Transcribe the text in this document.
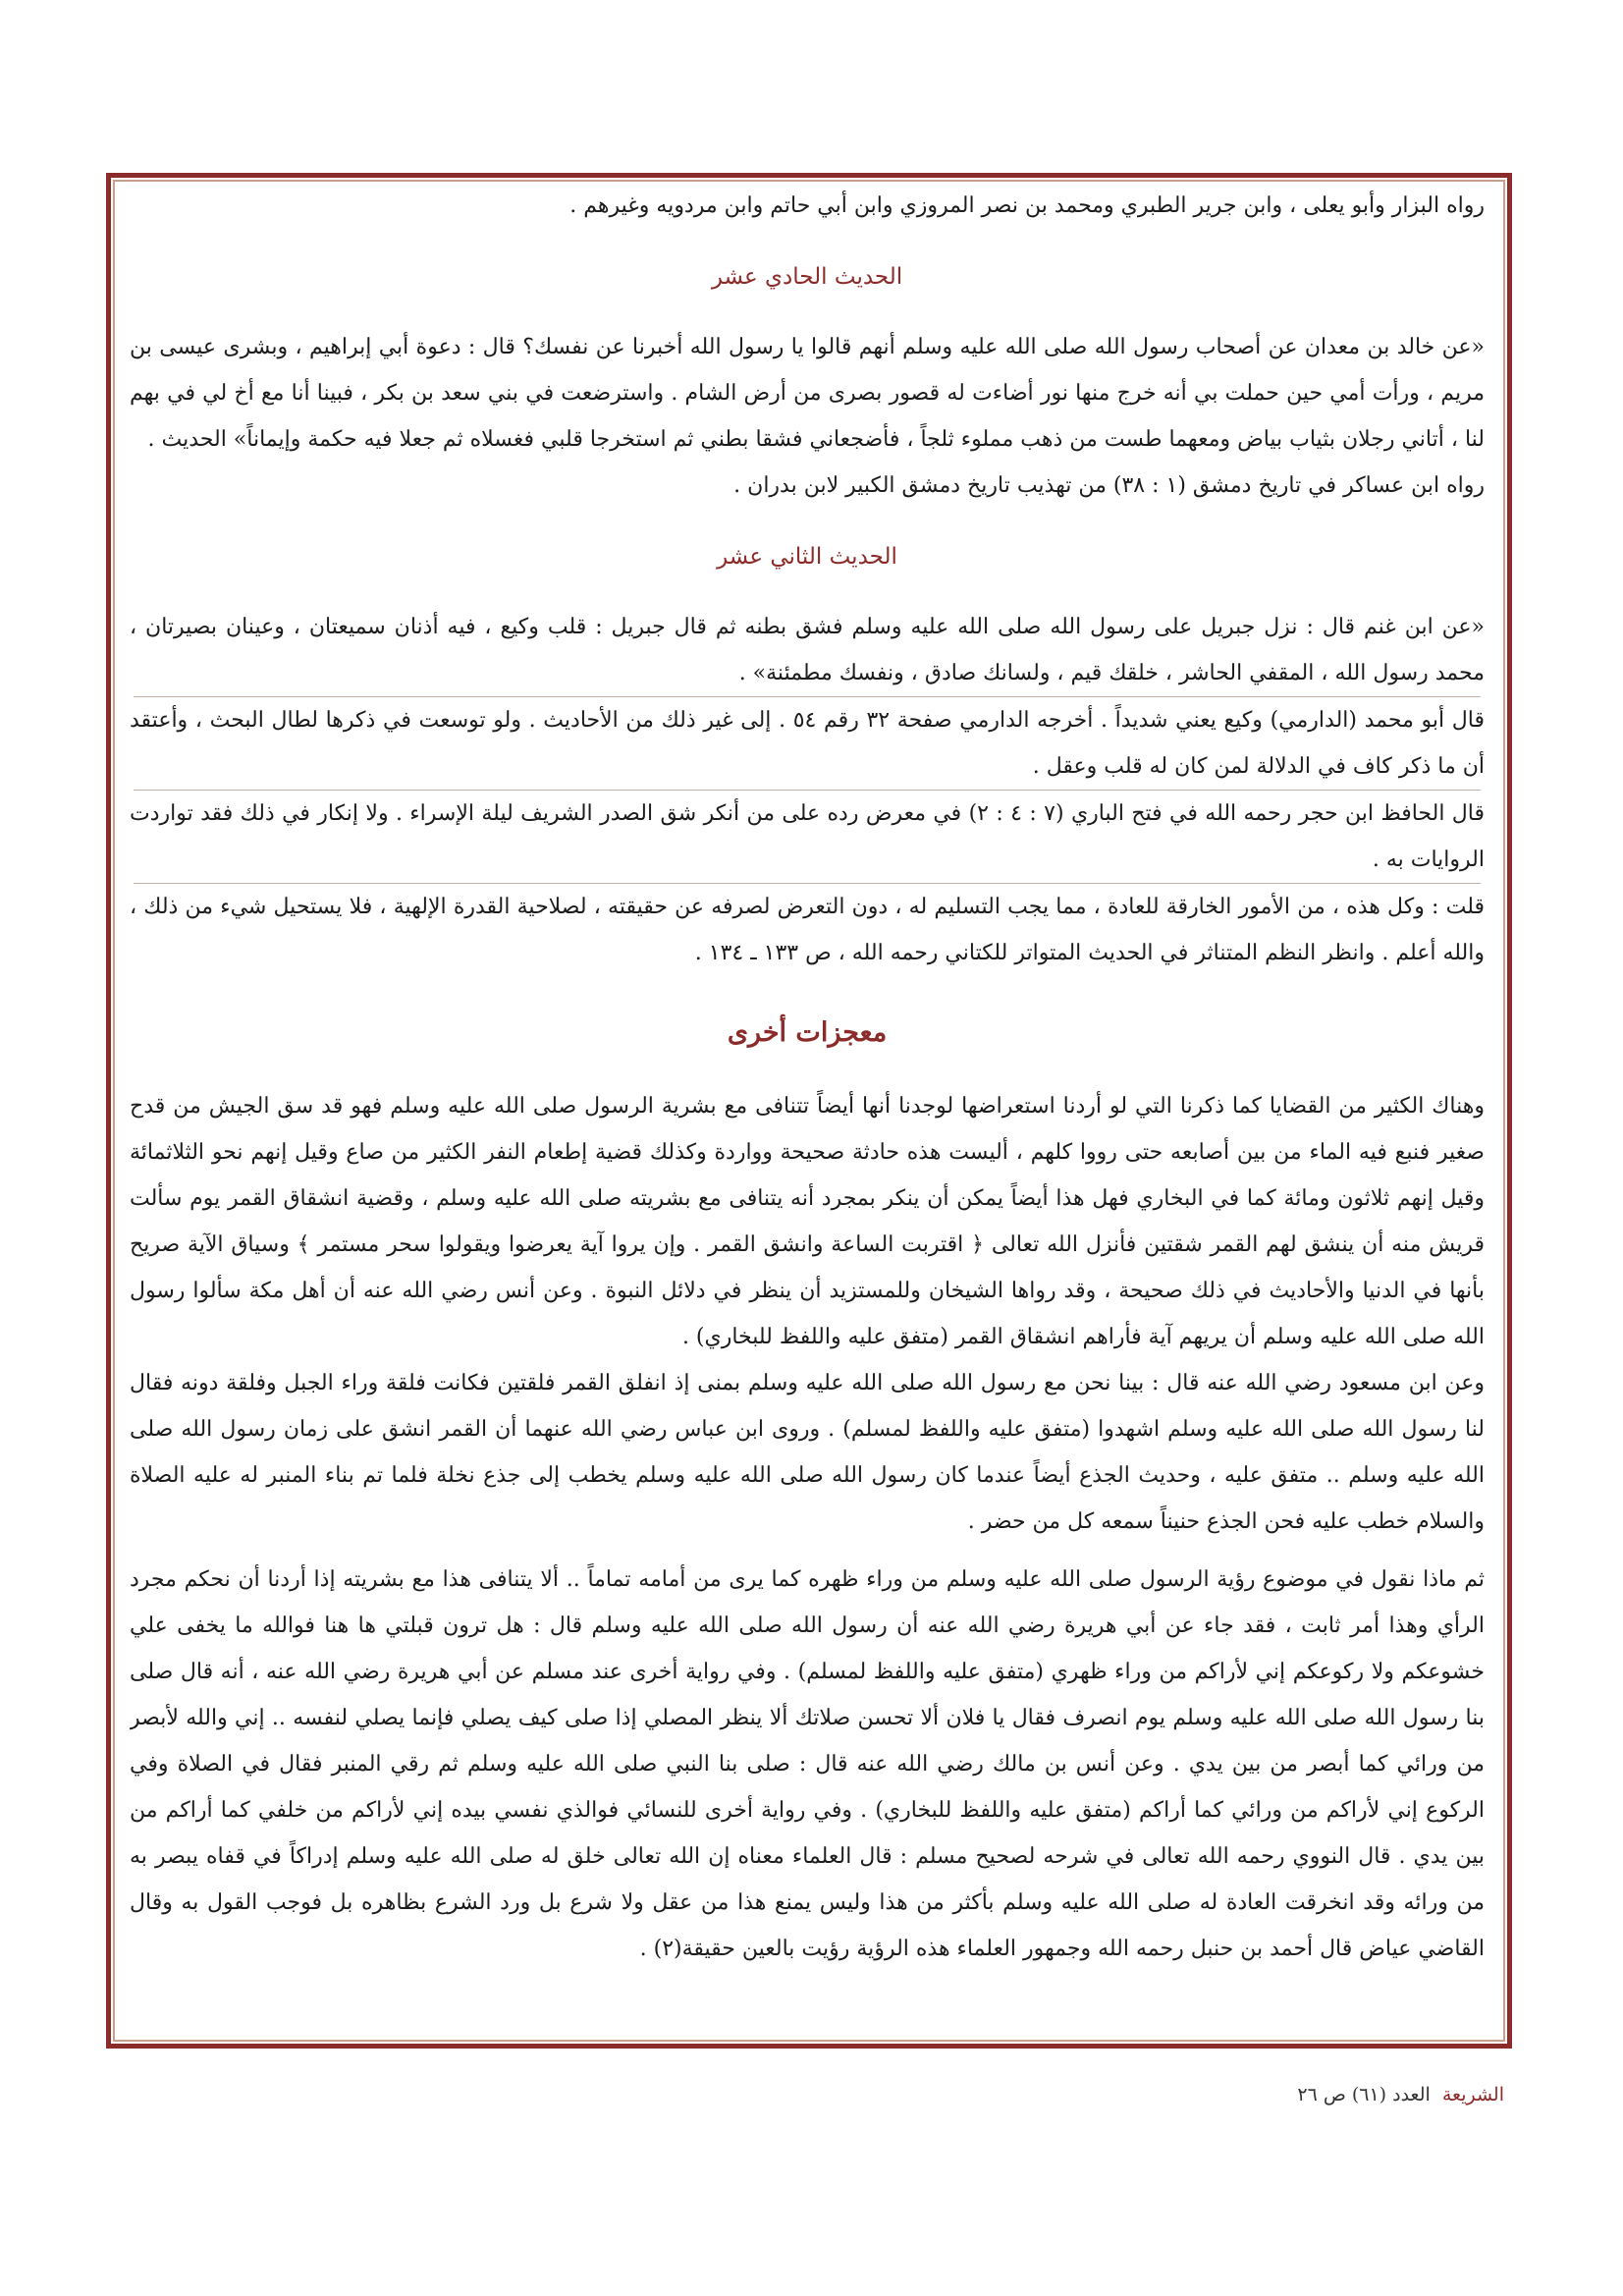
رواه البزار وأبو يعلى ، وابن جرير الطبري ومحمد بن نصر المروزي وابن أبي حاتم وابن مردويه وغيرهم .

الحديث الحادي عشر

«عن خالد بن معدان عن أصحاب رسول الله صلى الله عليه وسلم أنهم قالوا يا رسول الله أخبرنا عن نفسك؟ قال : دعوة أبي إبراهيم ، وبشرى عيسى بن مريم ، ورأت أمي حين حملت بي أنه خرج منها نور أضاءت له قصور بصرى من أرض الشام . واسترضعت في بني سعد بن بكر ، فبينا أنا مع أخ لي في بهم لنا ، أتاني رجلان بثياب بياض ومعهما طست من ذهب مملوء ثلجاً ، فأضجعاني فشقا بطني ثم استخرجا قلبي فغسلاه ثم جعلا فيه حكمة وإيماناً» الحديث .

رواه ابن عساكر في تاريخ دمشق (١ : ٣٨) من تهذيب تاريخ دمشق الكبير لابن بدران .

الحديث الثاني عشر

«عن ابن غنم قال : نزل جبريل على رسول الله صلى الله عليه وسلم فشق بطنه ثم قال جبريل : قلب وكيع ، فيه أذنان سميعتان ، وعينان بصيرتان ، محمد رسول الله ، المقفي الحاشر ، خلقك قيم ، ولسانك صادق ، ونفسك مطمئنة» .

قال أبو محمد (الدارمي) وكيع يعني شديداً . أخرجه الدارمي صفحة ٣٢ رقم ٥٤ . إلى غير ذلك من الأحاديث . ولو توسعت في ذكرها لطال البحث ، وأعتقد أن ما ذكر كاف في الدلالة لمن كان له قلب وعقل .

قال الحافظ ابن حجر رحمه الله في فتح الباري (٧ : ٤ : ٢) في معرض رده على من أنكر شق الصدر الشريف ليلة الإسراء . ولا إنكار في ذلك فقد تواردت الروايات به .

قلت : وكل هذه ، من الأمور الخارقة للعادة ، مما يجب التسليم له ، دون التعرض لصرفه عن حقيقته ، لصلاحية القدرة الإلهية ، فلا يستحيل شيء من ذلك ، والله أعلم . وانظر النظم المتناثر في الحديث المتواتر للكتاني رحمه الله ، ص ١٣٣ ـ ١٣٤ .

معجزات أخرى

وهناك الكثير من القضايا كما ذكرنا التي لو أردنا استعراضها لوجدنا أنها أيضاً تتنافى مع بشرية الرسول صلى الله عليه وسلم فهو قد سق الجيش من قدح صغير فنبع فيه الماء من بين أصابعه حتى رووا كلهم ، أليست هذه حادثة صحيحة وواردة وكذلك قضية إطعام النفر الكثير من صاع وقيل إنهم نحو الثلاثمائة وقيل إنهم ثلاثون ومائة كما في البخاري فهل هذا أيضاً يمكن أن ينكر بمجرد أنه يتنافى مع بشريته صلى الله عليه وسلم ، وقضية انشقاق القمر يوم سألت قريش منه أن ينشق لهم القمر شقتين فأنزل الله تعالى ﴿ اقتربت الساعة وانشق القمر . وإن يروا آية يعرضوا ويقولوا سحر مستمر ﴾ وسياق الآية صريح بأنها في الدنيا والأحاديث في ذلك صحيحة ، وقد رواها الشيخان وللمستزيد أن ينظر في دلائل النبوة . وعن أنس رضي الله عنه أن أهل مكة سألوا رسول الله صلى الله عليه وسلم أن يريهم آية فأراهم انشقاق القمر (متفق عليه واللفظ للبخاري) .

وعن ابن مسعود رضي الله عنه قال : بينا نحن مع رسول الله صلى الله عليه وسلم بمنى إذ انفلق القمر فلقتين فكانت فلقة وراء الجبل وفلقة دونه فقال لنا رسول الله صلى الله عليه وسلم اشهدوا (متفق عليه واللفظ لمسلم) . وروى ابن عباس رضي الله عنهما أن القمر انشق على زمان رسول الله صلى الله عليه وسلم .. متفق عليه ، وحديث الجذع أيضاً عندما كان رسول الله صلى الله عليه وسلم يخطب إلى جذع نخلة فلما تم بناء المنبر له عليه الصلاة والسلام خطب عليه فحن الجذع حنيناً سمعه كل من حضر .

ثم ماذا نقول في موضوع رؤية الرسول صلى الله عليه وسلم من وراء ظهره كما يرى من أمامه تماماً .. ألا يتنافى هذا مع بشريته إذا أردنا أن نحكم مجرد الرأي وهذا أمر ثابت ، فقد جاء عن أبي هريرة رضي الله عنه أن رسول الله صلى الله عليه وسلم قال : هل ترون قبلتي ها هنا فوالله ما يخفى علي خشوعكم ولا ركوعكم إني لأراكم من وراء ظهري (متفق عليه واللفظ لمسلم) . وفي رواية أخرى عند مسلم عن أبي هريرة رضي الله عنه ، أنه قال صلى بنا رسول الله صلى الله عليه وسلم يوم انصرف فقال يا فلان ألا تحسن صلاتك ألا ينظر المصلي إذا صلى كيف يصلي فإنما يصلي لنفسه .. إني والله لأبصر من ورائي كما أبصر من بين يدي . وعن أنس بن مالك رضي الله عنه قال : صلى بنا النبي صلى الله عليه وسلم ثم رقي المنبر فقال في الصلاة وفي الركوع إني لأراكم من ورائي كما أراكم (متفق عليه واللفظ للبخاري) . وفي رواية أخرى للنسائي فوالذي نفسي بيده إني لأراكم من خلفي كما أراكم من بين يدي . قال النووي رحمه الله تعالى في شرحه لصحيح مسلم : قال العلماء معناه إن الله تعالى خلق له صلى الله عليه وسلم إدراكاً في قفاه يبصر به من ورائه وقد انخرقت العادة له صلى الله عليه وسلم بأكثر من هذا وليس يمنع هذا من عقل ولا شرع بل ورد الشرع بظاهره بل فوجب القول به وقال القاضي عياض قال أحمد بن حنبل رحمه الله وجمهور العلماء هذه الرؤية رؤيت بالعين حقيقة(٢) .

الشريعة العدد (٦١) ص ٢٦
